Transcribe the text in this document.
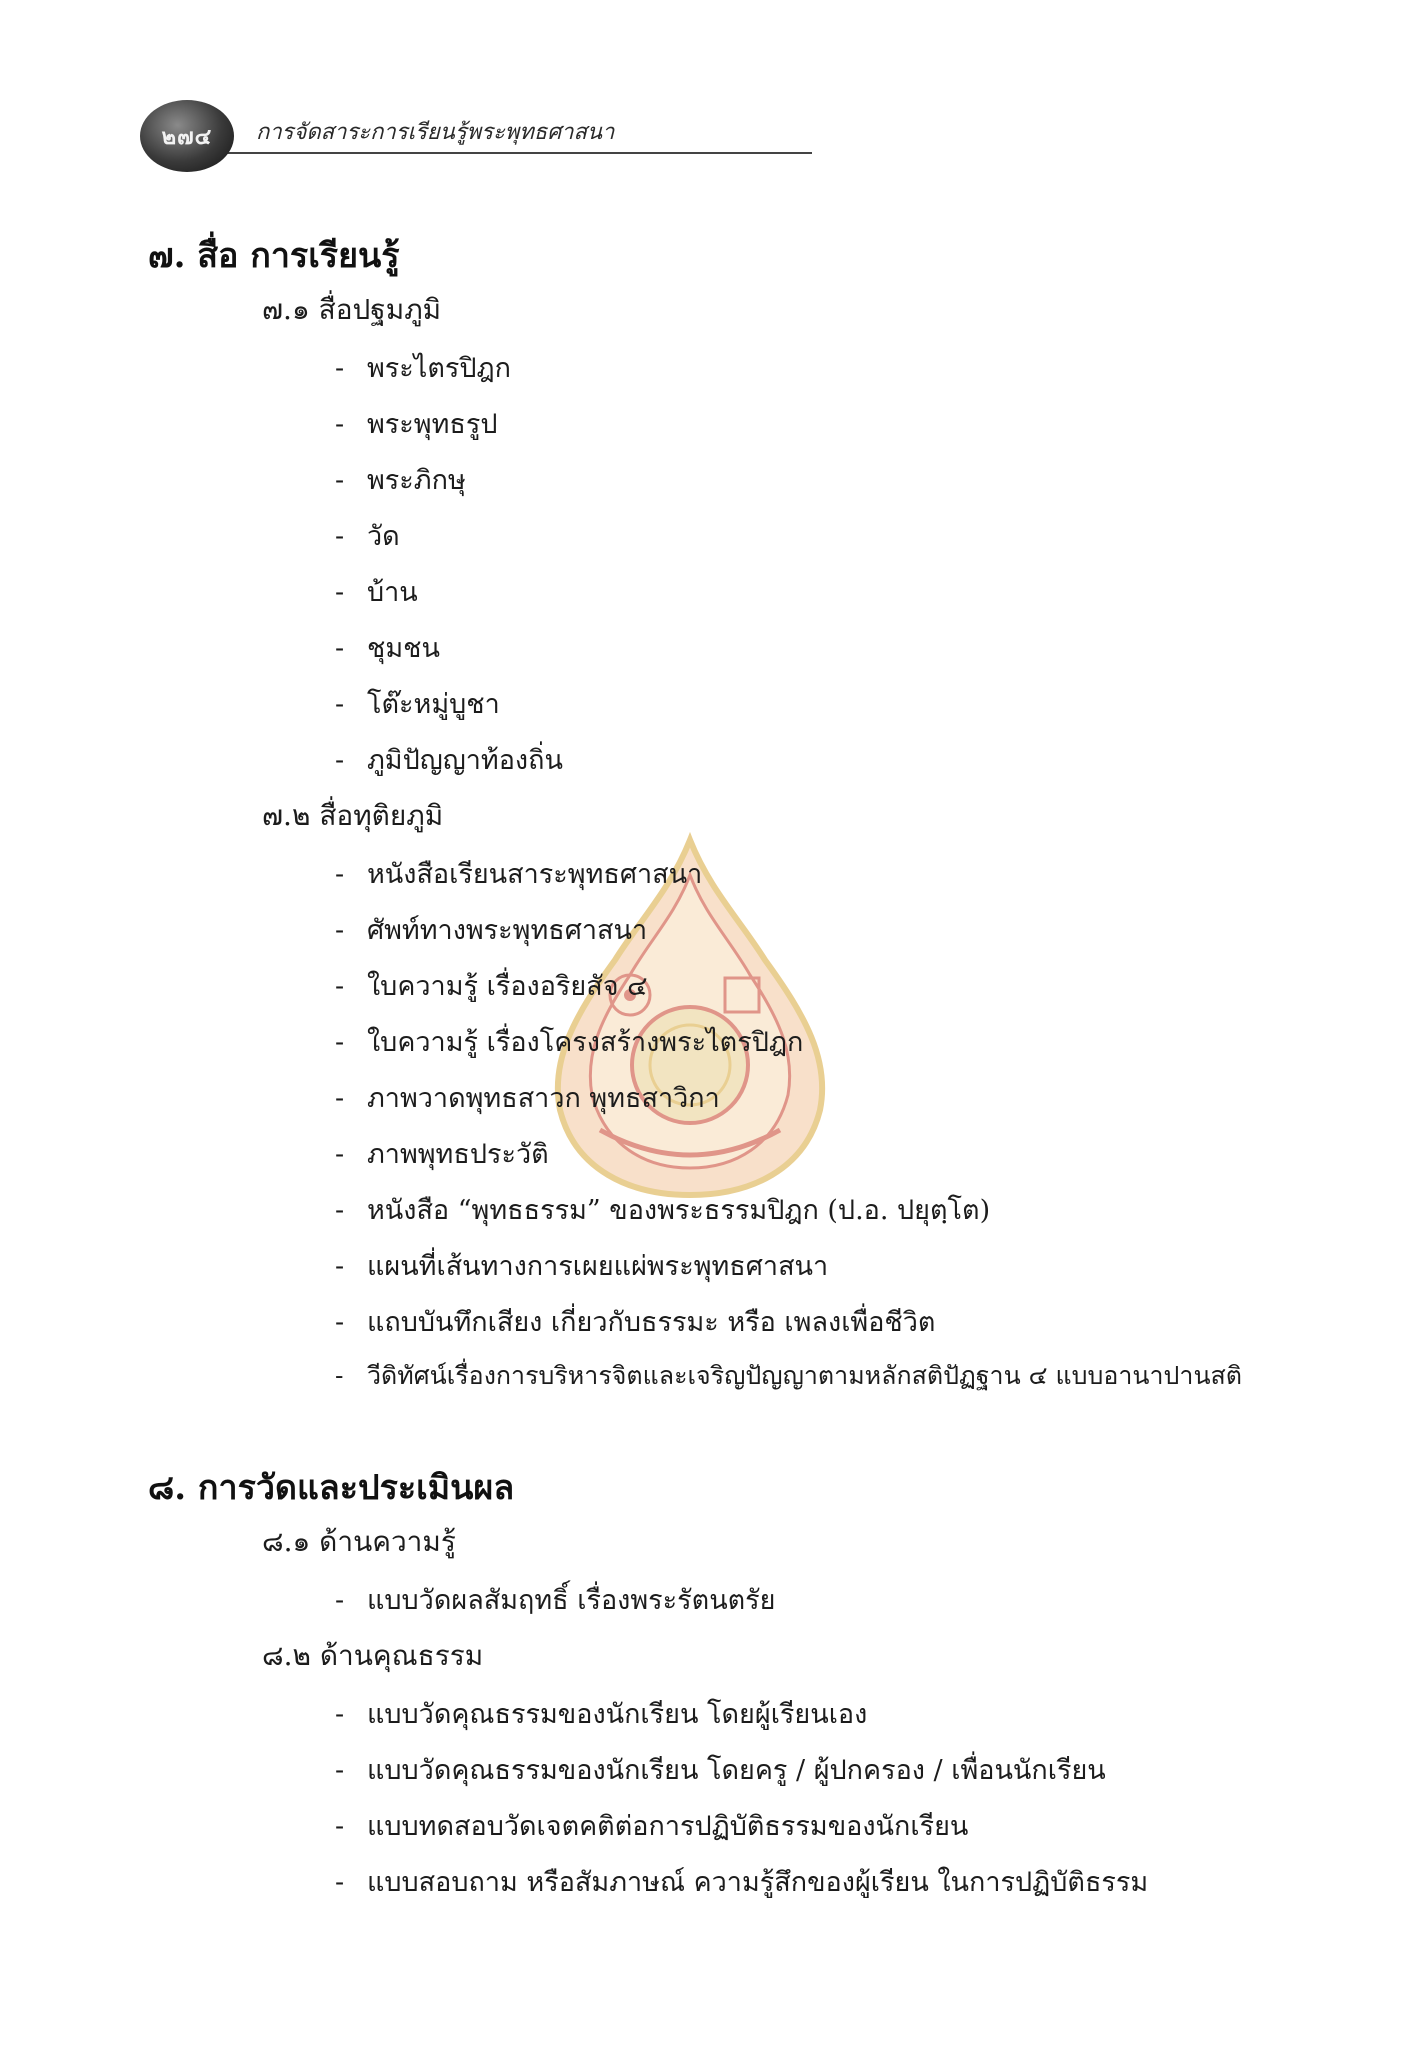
๒๗๔ การจัดสาระการเรียนรู้พระพุทธศาสนา
๗. สื่อ การเรียนรู้
๗.๑ สื่อปฐมภูมิ
- พระไตรปิฎก
- พระพุทธรูป
- พระภิกษุ
- วัด
- บ้าน
- ชุมชน
- โต๊ะหมู่บูชา
- ภูมิปัญญาท้องถิ่น
๗.๒ สื่อทุติยภูมิ
- หนังสือเรียนสาระพุทธศาสนา
- ศัพท์ทางพระพุทธศาสนา
- ใบความรู้ เรื่องอริยสัจ ๔
- ใบความรู้ เรื่องโครงสร้างพระไตรปิฎก
- ภาพวาดพุทธสาวก พุทธสาวิกา
- ภาพพุทธประวัติ
- หนังสือ “พุทธธรรม” ของพระธรรมปิฎก (ป.อ. ปยุตฺโต)
- แผนที่เส้นทางการเผยแผ่พระพุทธศาสนา
- แถบบันทึกเสียง เกี่ยวกับธรรมะ หรือ เพลงเพื่อชีวิต
- วีดิทัศน์เรื่องการบริหารจิตและเจริญปัญญาตามหลักสติปัฏฐาน ๔ แบบอานาปานสติ
๘. การวัดและประเมินผล
๘.๑ ด้านความรู้
- แบบวัดผลสัมฤทธิ์ เรื่องพระรัตนตรัย
๘.๒ ด้านคุณธรรม
- แบบวัดคุณธรรมของนักเรียน โดยผู้เรียนเอง
- แบบวัดคุณธรรมของนักเรียน โดยครู / ผู้ปกครอง / เพื่อนนักเรียน
- แบบทดสอบวัดเจตคติต่อการปฏิบัติธรรมของนักเรียน
- แบบสอบถาม หรือสัมภาษณ์ ความรู้สึกของผู้เรียน ในการปฏิบัติธรรม
